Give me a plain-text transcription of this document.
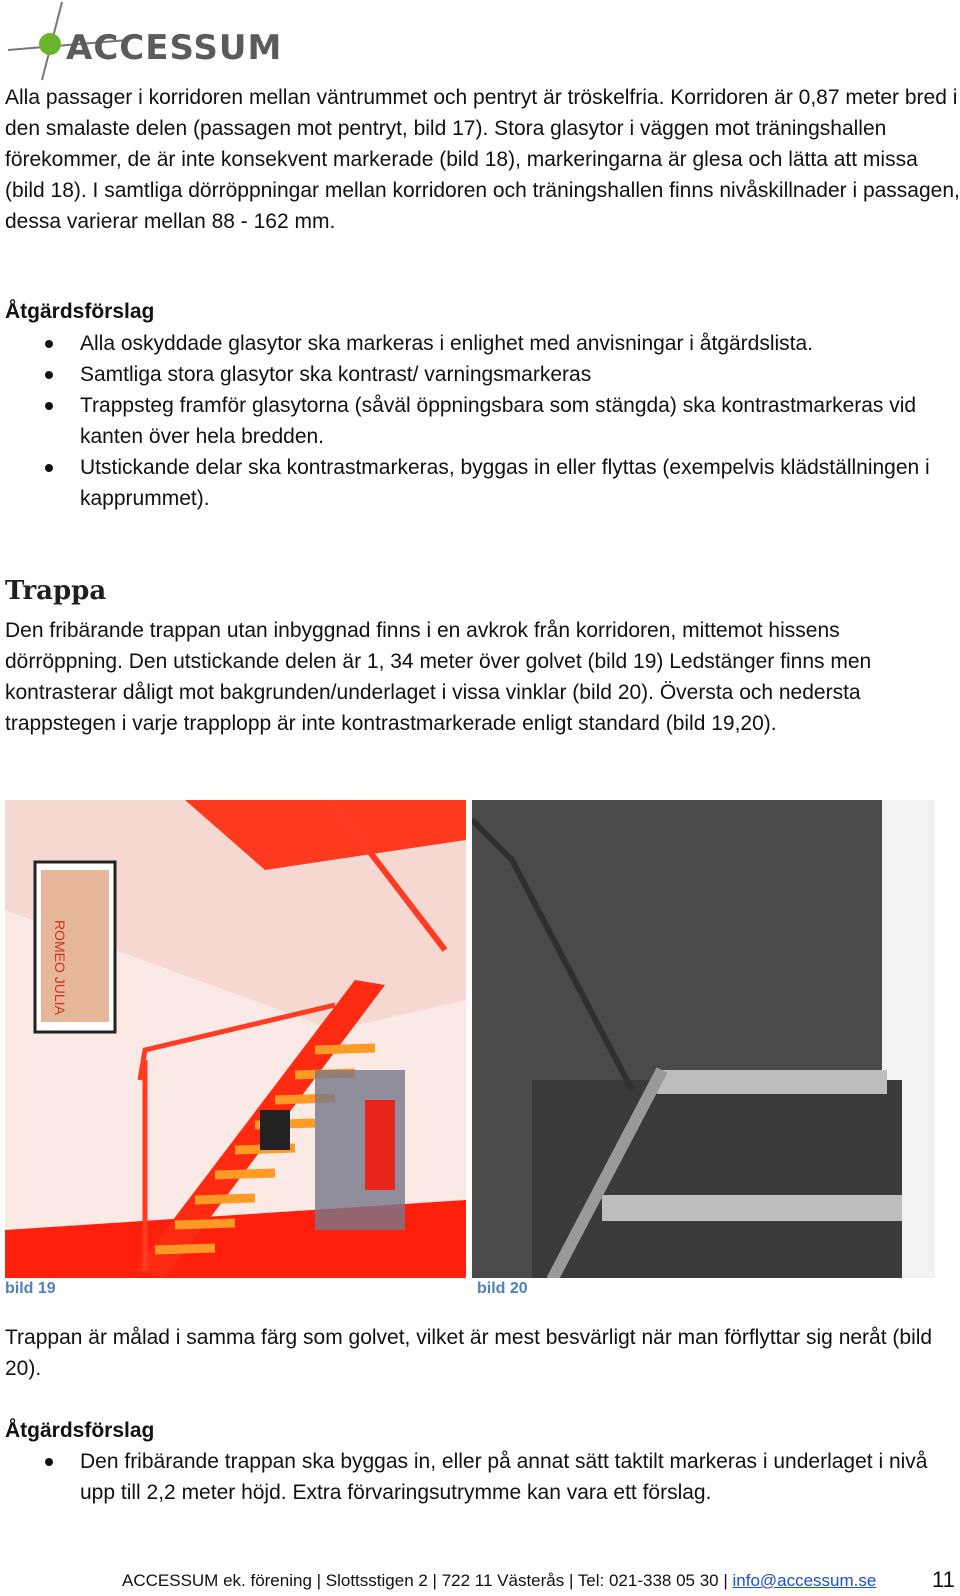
ACCESSUM

Alla passager i korridoren mellan väntrummet och pentryt är tröskelfria. Korridoren är 0,87 meter bred i den smalaste delen (passagen mot pentryt, bild 17). Stora glasytor i väggen mot träningshallen förekommer, de är inte konsekvent markerade (bild 18), markeringarna är glesa och lätta att missa (bild 18). I samtliga dörröppningar mellan korridoren och träningshallen finns nivåskillnader i passagen, dessa varierar mellan 88 - 162 mm.

Åtgärdsförslag

Alla oskyddade glasytor ska markeras i enlighet med anvisningar i åtgärdslista.
Samtliga stora glasytor ska kontrast/ varningsmarkeras
Trappsteg framför glasytorna (såväl öppningsbara som stängda) ska kontrastmarkeras vid kanten över hela bredden.
Utstickande delar ska kontrastmarkeras, byggas in eller flyttas (exempelvis klädställningen i kapprummet).

Trappa

Den fribärande trappan utan inbyggnad finns i en avkrok från korridoren, mittemot hissens dörröppning. Den utstickande delen är 1, 34 meter över golvet (bild 19) Ledstänger finns men kontrasterar dåligt mot bakgrunden/underlaget i vissa vinklar (bild 20). Översta och nedersta trappstegen i varje trapplopp är inte kontrastmarkerade enligt standard (bild 19,20).

ROMEO JULIA
bild 19	bild 20

Trappan är målad i samma färg som golvet, vilket är mest besvärligt när man förflyttar sig neråt (bild 20).

Åtgärdsförslag

Den fribärande trappan ska byggas in, eller på annat sätt taktilt markeras i underlaget i nivå upp till 2,2 meter höjd. Extra förvaringsutrymme kan vara ett förslag.
ACCESSUM ek. förening | Slottsstigen 2 | 722 11 Västerås | Tel: 021-338 05 30 | info@accessum.se	11
